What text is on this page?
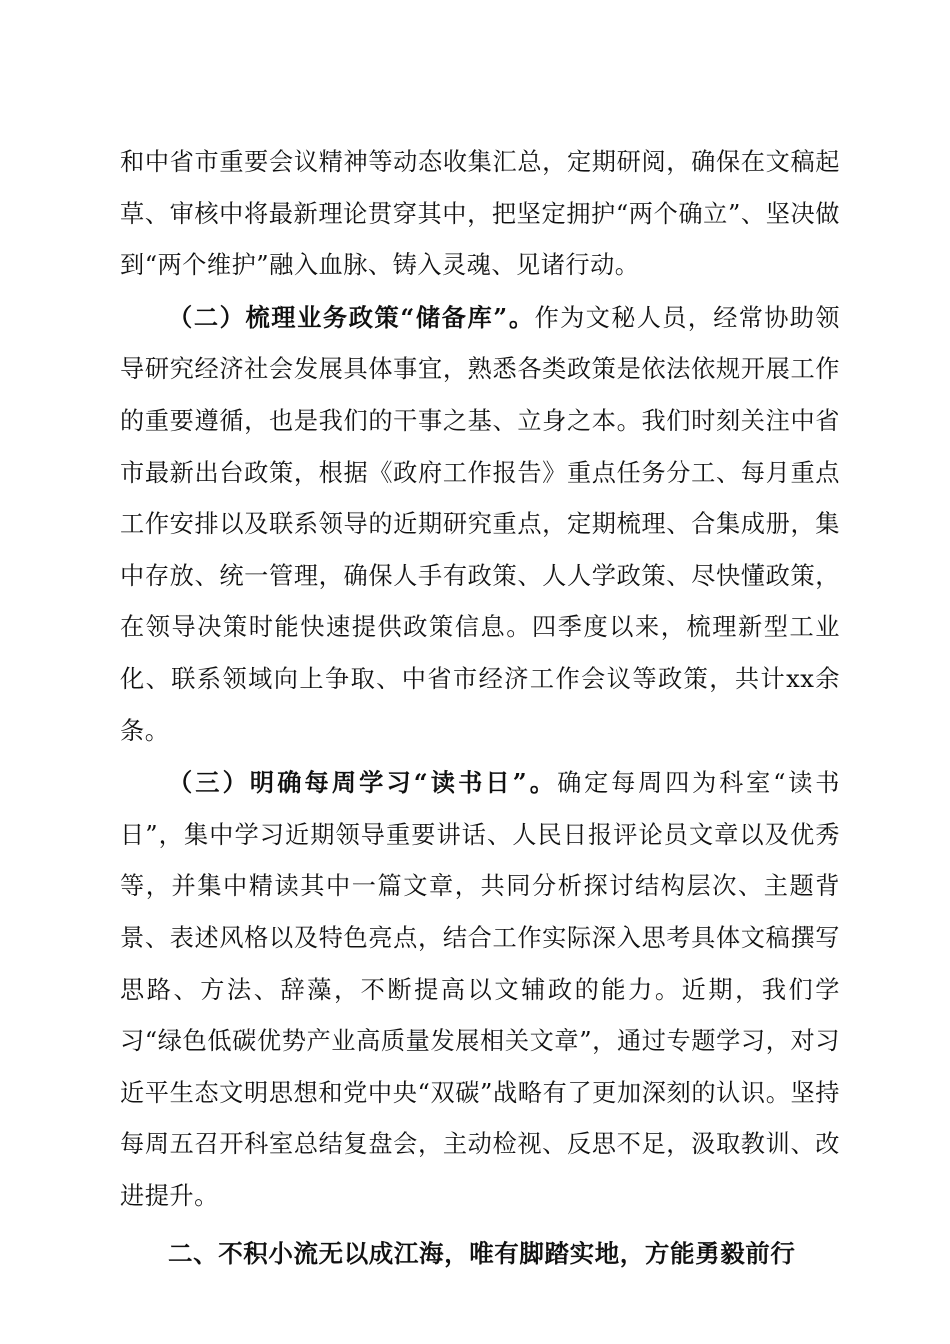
和中省市重要会议精神等动态收集汇总，定期研阅，确保在文稿起草、审核中将最新理论贯穿其中，把坚定拥护“两个确立”、坚决做到“两个维护”融入血脉、铸入灵魂、见诸行动。

（二）梳理业务政策“储备库”。作为文秘人员，经常协助领导研究经济社会发展具体事宜，熟悉各类政策是依法依规开展工作的重要遵循，也是我们的干事之基、立身之本。我们时刻关注中省市最新出台政策，根据《政府工作报告》重点任务分工、每月重点工作安排以及联系领导的近期研究重点，定期梳理、合集成册，集中存放、统一管理，确保人手有政策、人人学政策、尽快懂政策，在领导决策时能快速提供政策信息。四季度以来，梳理新型工业化、联系领域向上争取、中省市经济工作会议等政策，共计xx余条。

（三）明确每周学习“读书日”。确定每周四为科室“读书日”，集中学习近期领导重要讲话、人民日报评论员文章以及优秀等，并集中精读其中一篇文章，共同分析探讨结构层次、主题背景、表述风格以及特色亮点，结合工作实际深入思考具体文稿撰写思路、方法、辞藻，不断提高以文辅政的能力。近期，我们学习“绿色低碳优势产业高质量发展相关文章”，通过专题学习，对习近平生态文明思想和党中央“双碳”战略有了更加深刻的认识。坚持每周五召开科室总结复盘会，主动检视、反思不足，汲取教训、改进提升。

二、不积小流无以成江海，唯有脚踏实地，方能勇毅前行
